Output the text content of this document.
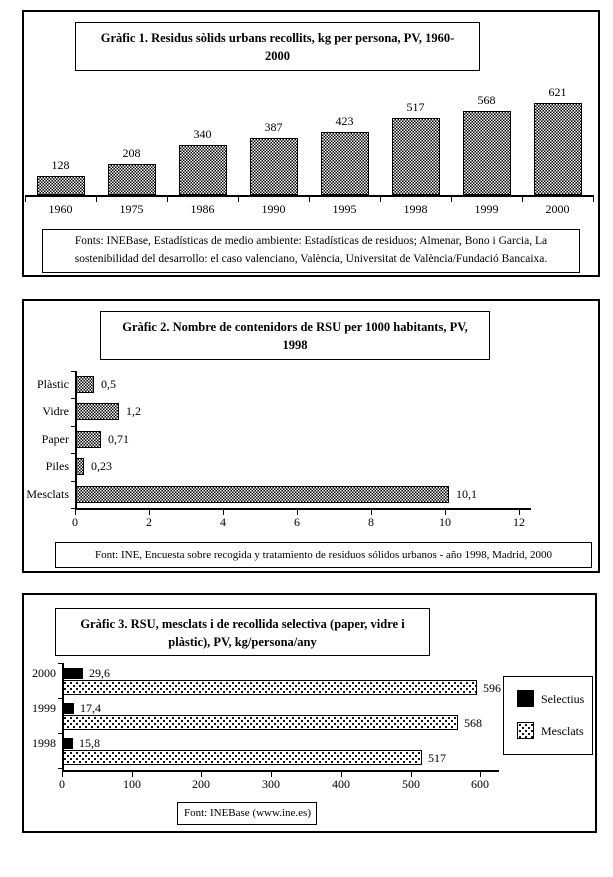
Gràfic 1. Residus sòlids urbans recollits, kg per persona, PV, 1960-
2000
128
1960
208
1975
340
1986
387
1990
423
1995
517
1998
568
1999
621
2000
Fonts: INEBase, Estadísticas de medio ambiente: Estadísticas de residuos; Almenar, Bono i Garcia, La sostenibilidad del desarrollo: el caso valenciano, València, Universitat de València/Fundació Bancaixa.
Gràfic 2. Nombre de contenidors de RSU per 1000 habitants, PV,
1998
0,5
Plàstic
1,2
Vidre
0,71
Paper
0,23
Piles
10,1
Mesclats
0	2	4	6	8	10	12
Font: INE, Encuesta sobre recogida y tratamiento de residuos sólidos urbanos - año 1998, Madrid, 2000
Gràfic 3. RSU, mesclats i de recollida selectiva (paper, vidre i
plàstic), PV, kg/persona/any
29,6
596
2000
17,4
568
1999
15,8
517
1998
0	100	200	300	400	500	600
Selectius
Mesclats
Font: INEBase (www.ine.es)
